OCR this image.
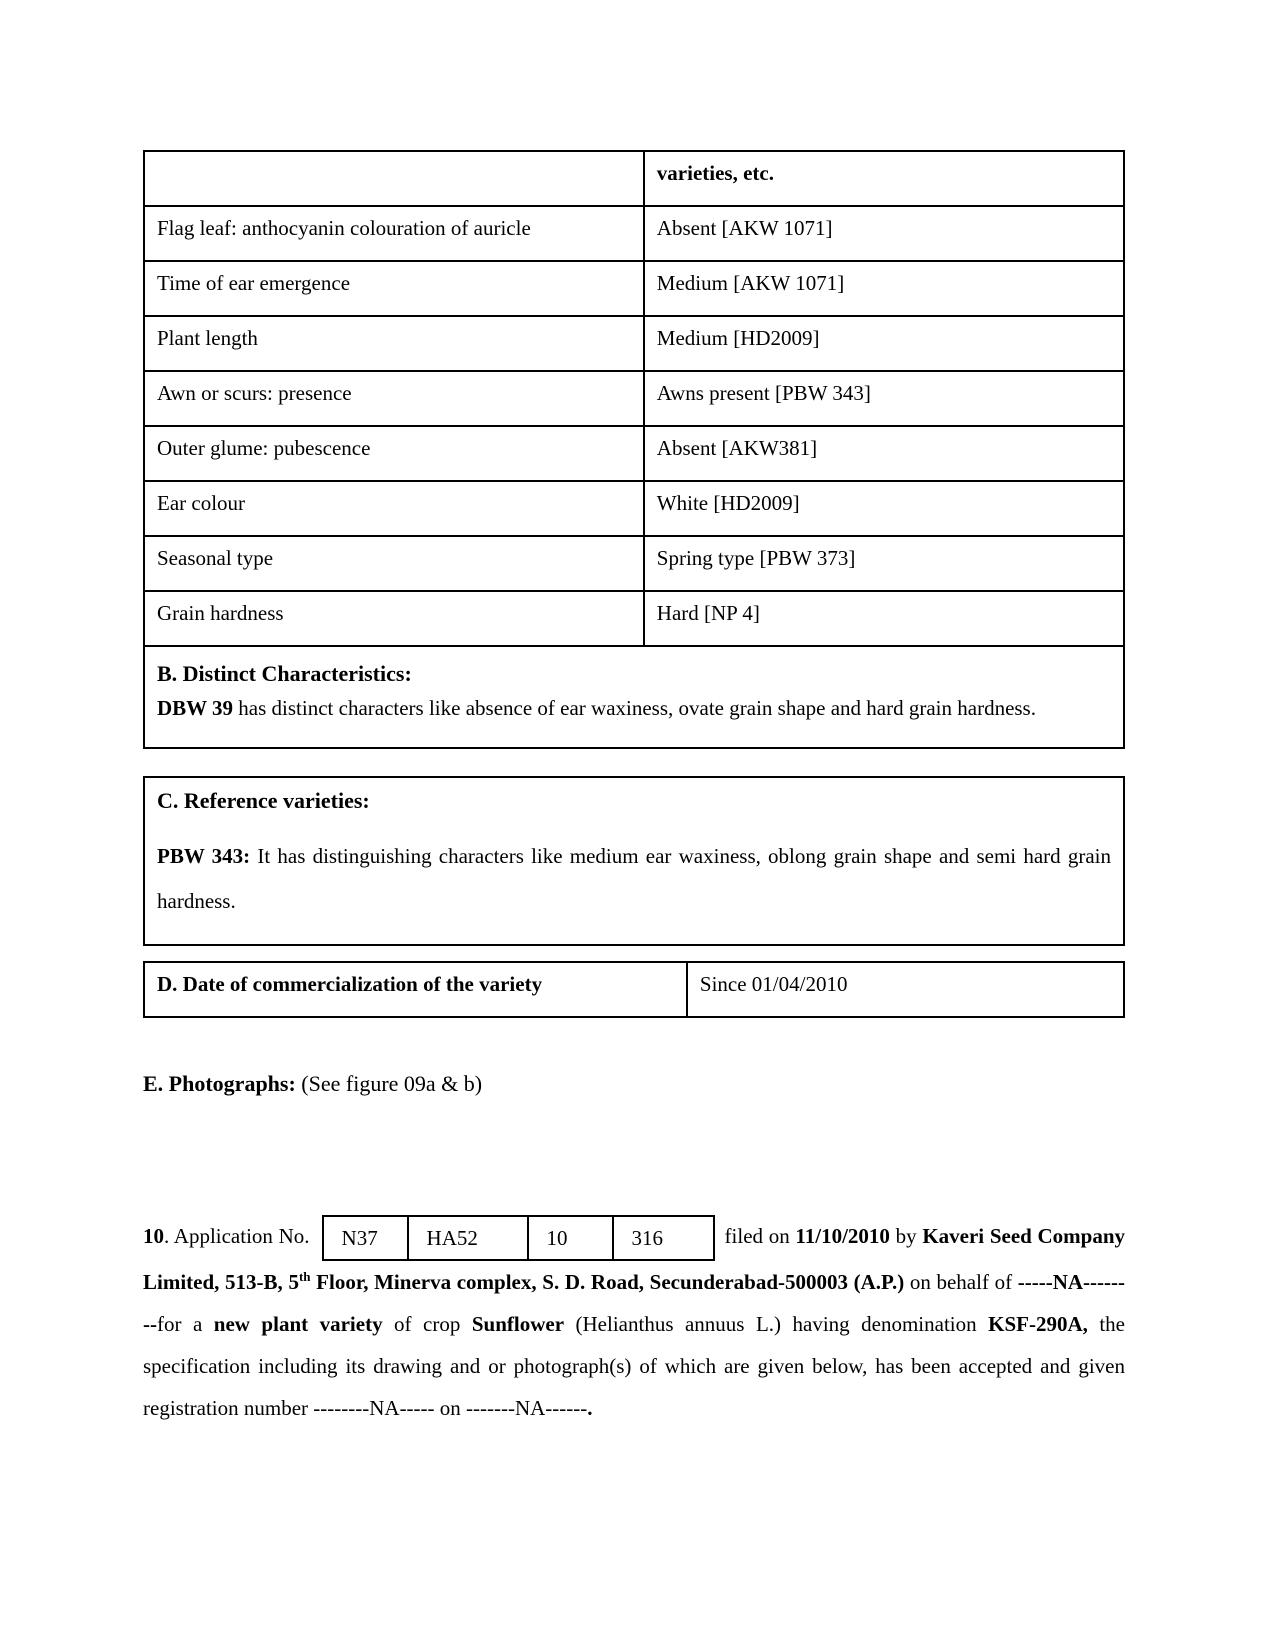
	varieties, etc.
Flag leaf: anthocyanin colouration of auricle	Absent [AKW 1071]
Time of ear emergence	Medium [AKW 1071]
Plant length	Medium [HD2009]
Awn or scurs: presence	Awns present [PBW 343]
Outer glume: pubescence	Absent [AKW381]
Ear colour	White [HD2009]
Seasonal type	Spring type [PBW 373]
Grain hardness	Hard [NP 4]

B. Distinct Characteristics:
DBW 39 has distinct characters like absence of ear waxiness, ovate grain shape and hard grain hardness.	
C. Reference varieties:
PBW 343: It has distinguishing characters like medium ear waxiness, oblong grain shape and semi hard grain hardness.
D. Date of commercialization of the variety	Since 01/04/2010
E. Photographs: (See figure 09a & b)
10. Application No. N37	HA52	10	316	filed on 11/10/2010 by Kaveri Seed Company Limited, 513-B, 5th Floor, Minerva complex, S. D. Road, Secunderabad-500003 (A.P.) on behalf of -----NA--------for a new plant variety of crop Sunflower (Helianthus annuus L.) having denomination KSF-290A, the specification including its drawing and or photograph(s) of which are given below, has been accepted and given registration number --------NA----- on -------NA------.
